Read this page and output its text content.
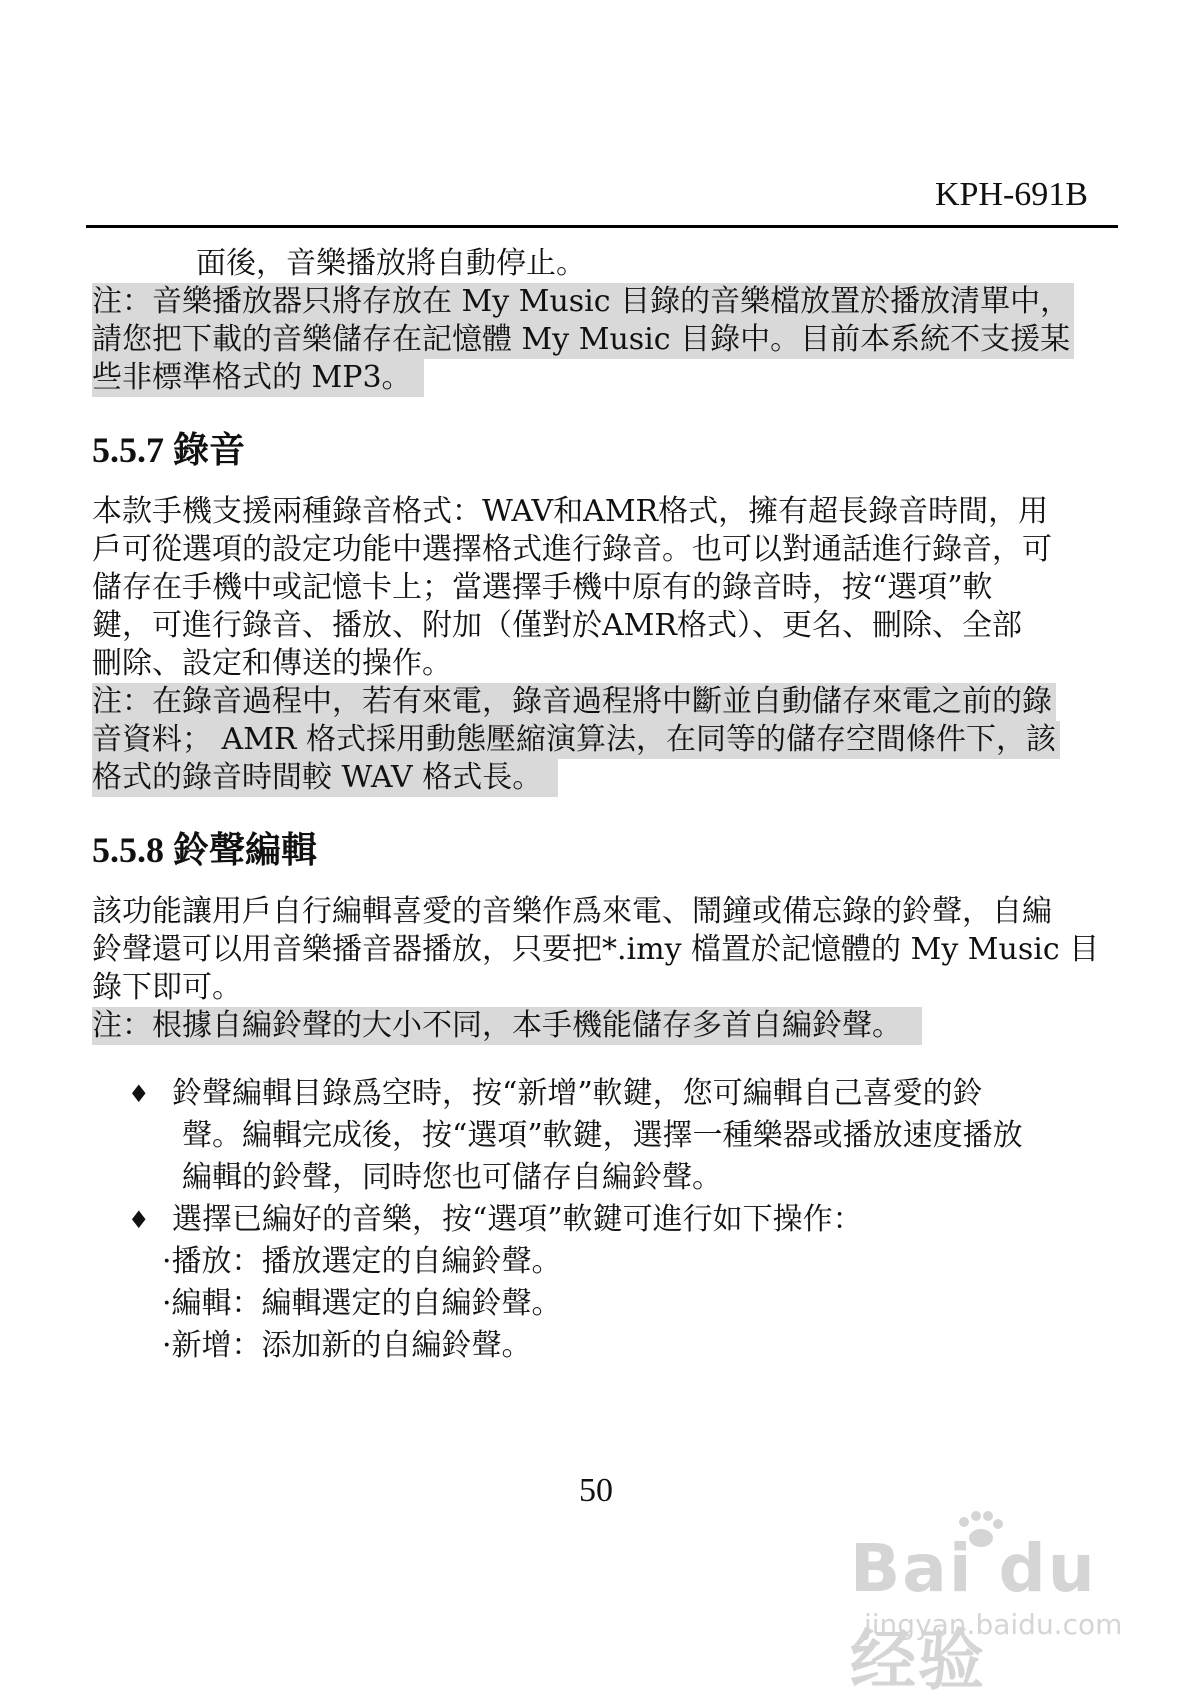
KPH-691B
面後，音樂播放將自動停止。
注：音樂播放器只將存放在 My Music 目錄的音樂檔放置於播放清單中，
請您把下載的音樂儲存在記憶體 My Music 目錄中。目前本系統不支援某
些非標準格式的 MP3。
5.5.7 錄音
本款手機支援兩種錄音格式：WAV和AMR格式，擁有超長錄音時間，用
戶可從選項的設定功能中選擇格式進行錄音。也可以對通話進行錄音，可
儲存在手機中或記憶卡上；當選擇手機中原有的錄音時，按“選項”軟
鍵，可進行錄音、播放、附加（僅對於AMR格式）、更名、刪除、全部
刪除、設定和傳送的操作。
注：在錄音過程中，若有來電，錄音過程將中斷並自動儲存來電之前的錄
音資料； AMR 格式採用動態壓縮演算法，在同等的儲存空間條件下，該
格式的錄音時間較 WAV 格式長。
5.5.8 鈴聲編輯
該功能讓用戶自行編輯喜愛的音樂作爲來電、鬧鐘或備忘錄的鈴聲，自編
鈴聲還可以用音樂播音器播放，只要把*.imy 檔置於記憶體的 My Music 目
錄下即可。
注：根據自編鈴聲的大小不同，本手機能儲存多首自編鈴聲。
♦ 鈴聲編輯目錄爲空時，按“新增”軟鍵，您可編輯自己喜愛的鈴
聲。編輯完成後，按“選項”軟鍵，選擇一種樂器或播放速度播放
編輯的鈴聲，同時您也可儲存自編鈴聲。
♦ 選擇已編好的音樂，按“選項”軟鍵可進行如下操作：
·播放：播放選定的自編鈴聲。
·編輯：編輯選定的自編鈴聲。
·新增：添加新的自編鈴聲。
50
Bai du 经验
jingyan.baidu.com
